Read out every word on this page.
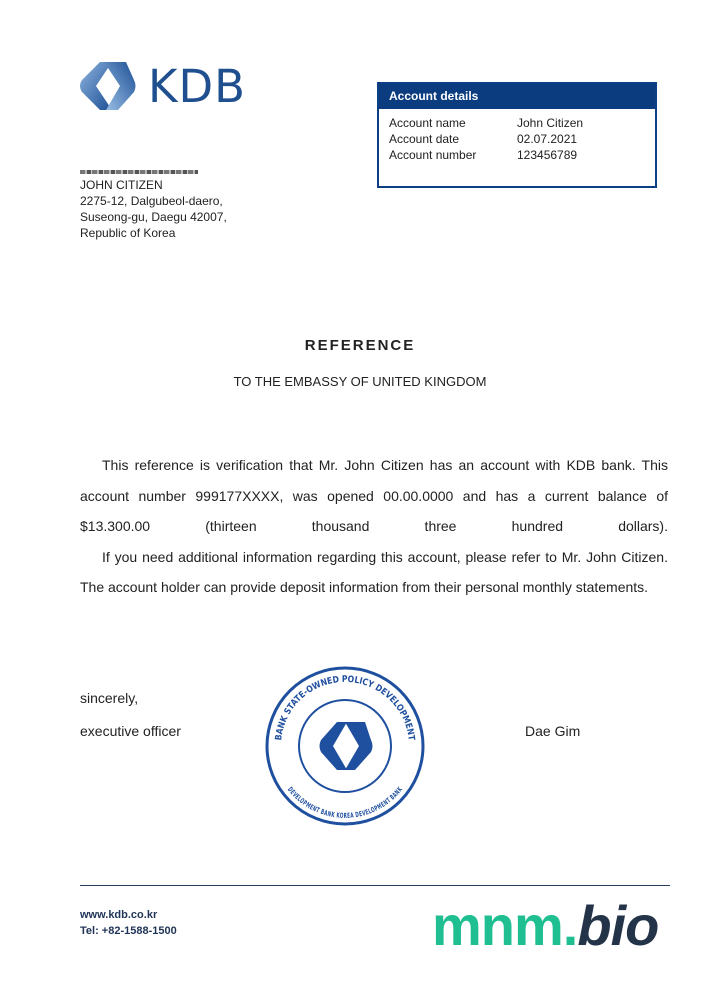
KDB	Account details
Account name	John Citizen
Account date	02.07.2021
Account number	123456789
JOHN CITIZEN
2275-12, Dalgubeol-daero,
Suseong-gu, Daegu 42007,
Republic of Korea
REFERENCE
TO THE EMBASSY OF UNITED KINGDOM

This reference is verification that Mr. John Citizen has an account with KDB bank. This account number 999177XXXX, was opened 00.00.0000 and has a current balance of $13.300.00 (thirteen thousand three hundred dollars).

If you need additional information regarding this account, please refer to Mr. John Citizen. The account holder can provide deposit information from their personal monthly statements.

sincerely,
executive officer	Dae Gim
BANK STATE-OWNED POLICY DEVELOPMENT
DEVELOPMENT BANK KOREA DEVELOPMENT BANK
www.kdb.co.kr
Tel: +82-1588-1500	mnm.bio
